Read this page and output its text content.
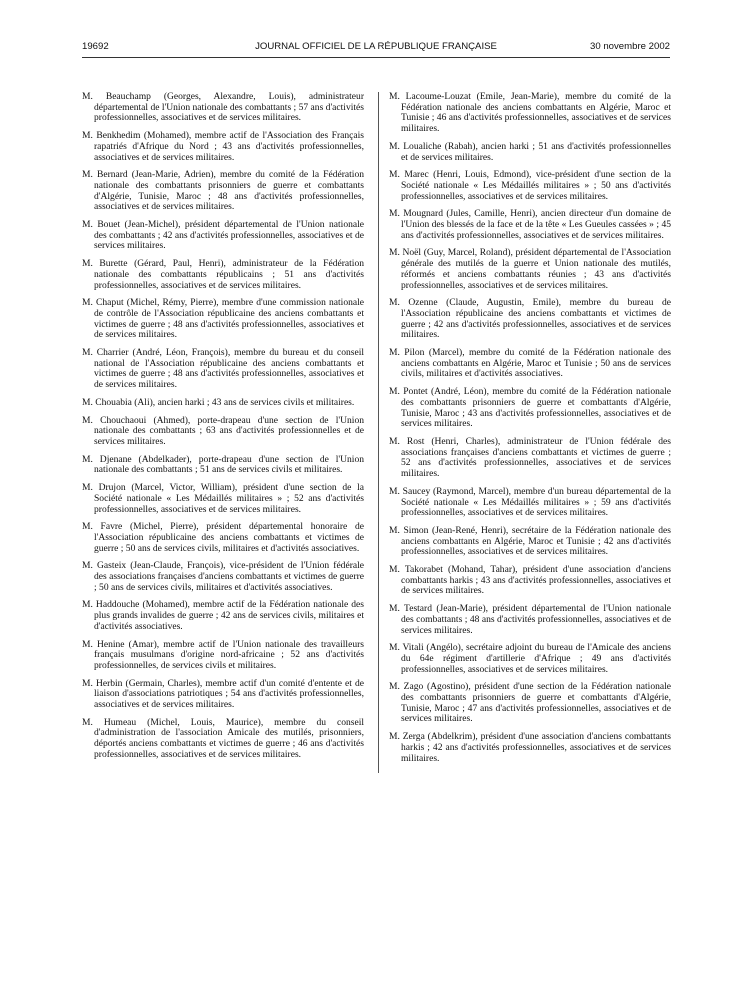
19692	JOURNAL OFFICIEL DE LA RÉPUBLIQUE FRANÇAISE	30 novembre 2002

M. Beauchamp (Georges, Alexandre, Louis), administrateur départemental de l'Union nationale des combattants ; 57 ans d'activités professionnelles, associatives et de services militaires.

M. Benkhedim (Mohamed), membre actif de l'Association des Français rapatriés d'Afrique du Nord ; 43 ans d'activités professionnelles, associatives et de services militaires.

M. Bernard (Jean-Marie, Adrien), membre du comité de la Fédération nationale des combattants prisonniers de guerre et combattants d'Algérie, Tunisie, Maroc ; 48 ans d'activités professionnelles, associatives et de services militaires.

M. Bouet (Jean-Michel), président départemental de l'Union nationale des combattants ; 42 ans d'activités professionnelles, associatives et de services militaires.

M. Burette (Gérard, Paul, Henri), administrateur de la Fédération nationale des combattants républicains ; 51 ans d'activités professionnelles, associatives et de services militaires.

M. Chaput (Michel, Rémy, Pierre), membre d'une commission nationale de contrôle de l'Association républicaine des anciens combattants et victimes de guerre ; 48 ans d'activités professionnelles, associatives et de services militaires.

M. Charrier (André, Léon, François), membre du bureau et du conseil national de l'Association républicaine des anciens combattants et victimes de guerre ; 48 ans d'activités professionnelles, associatives et de services militaires.

M. Chouabia (Ali), ancien harki ; 43 ans de services civils et militaires.

M. Chouchaoui (Ahmed), porte-drapeau d'une section de l'Union nationale des combattants ; 63 ans d'activités professionnelles et de services militaires.

M. Djenane (Abdelkader), porte-drapeau d'une section de l'Union nationale des combattants ; 51 ans de services civils et militaires.

M. Drujon (Marcel, Victor, William), président d'une section de la Société nationale « Les Médaillés militaires » ; 52 ans d'activités professionnelles, associatives et de services militaires.

M. Favre (Michel, Pierre), président départemental honoraire de l'Association républicaine des anciens combattants et victimes de guerre ; 50 ans de services civils, militaires et d'activités associatives.

M. Gasteix (Jean-Claude, François), vice-président de l'Union fédérale des associations françaises d'anciens combattants et victimes de guerre ; 50 ans de services civils, militaires et d'activités associatives.

M. Haddouche (Mohamed), membre actif de la Fédération nationale des plus grands invalides de guerre ; 42 ans de services civils, militaires et d'activités associatives.

M. Henine (Amar), membre actif de l'Union nationale des travailleurs français musulmans d'origine nord-africaine ; 52 ans d'activités professionnelles, de services civils et militaires.

M. Herbin (Germain, Charles), membre actif d'un comité d'entente et de liaison d'associations patriotiques ; 54 ans d'activités professionnelles, associatives et de services militaires.

M. Humeau (Michel, Louis, Maurice), membre du conseil d'administration de l'association Amicale des mutilés, prisonniers, déportés anciens combattants et victimes de guerre ; 46 ans d'activités professionnelles, associatives et de services militaires.

M. Lacoume-Louzat (Emile, Jean-Marie), membre du comité de la Fédération nationale des anciens combattants en Algérie, Maroc et Tunisie ; 46 ans d'activités professionnelles, associatives et de services militaires.

M. Loualiche (Rabah), ancien harki ; 51 ans d'activités professionnelles et de services militaires.

M. Marec (Henri, Louis, Edmond), vice-président d'une section de la Société nationale « Les Médaillés militaires » ; 50 ans d'activités professionnelles, associatives et de services militaires.

M. Mougnard (Jules, Camille, Henri), ancien directeur d'un domaine de l'Union des blessés de la face et de la tête « Les Gueules cassées » ; 45 ans d'activités professionnelles, associatives et de services militaires.

M. Noël (Guy, Marcel, Roland), président départemental de l'Association générale des mutilés de la guerre et Union nationale des mutilés, réformés et anciens combattants réunies ; 43 ans d'activités professionnelles, associatives et de services militaires.

M. Ozenne (Claude, Augustin, Emile), membre du bureau de l'Association républicaine des anciens combattants et victimes de guerre ; 42 ans d'activités professionnelles, associatives et de services militaires.

M. Pilon (Marcel), membre du comité de la Fédération nationale des anciens combattants en Algérie, Maroc et Tunisie ; 50 ans de services civils, militaires et d'activités associatives.

M. Pontet (André, Léon), membre du comité de la Fédération nationale des combattants prisonniers de guerre et combattants d'Algérie, Tunisie, Maroc ; 43 ans d'activités professionnelles, associatives et de services militaires.

M. Rost (Henri, Charles), administrateur de l'Union fédérale des associations françaises d'anciens combattants et victimes de guerre ; 52 ans d'activités professionnelles, associatives et de services militaires.

M. Saucey (Raymond, Marcel), membre d'un bureau départemental de la Société nationale « Les Médaillés militaires » ; 59 ans d'activités professionnelles, associatives et de services militaires.

M. Simon (Jean-René, Henri), secrétaire de la Fédération nationale des anciens combattants en Algérie, Maroc et Tunisie ; 42 ans d'activités professionnelles, associatives et de services militaires.

M. Takorabet (Mohand, Tahar), président d'une association d'anciens combattants harkis ; 43 ans d'activités professionnelles, associatives et de services militaires.

M. Testard (Jean-Marie), président départemental de l'Union nationale des combattants ; 48 ans d'activités professionnelles, associatives et de services militaires.

M. Vitali (Angélo), secrétaire adjoint du bureau de l'Amicale des anciens du 64e régiment d'artillerie d'Afrique ; 49 ans d'activités professionnelles, associatives et de services militaires.

M. Zago (Agostino), président d'une section de la Fédération nationale des combattants prisonniers de guerre et combattants d'Algérie, Tunisie, Maroc ; 47 ans d'activités professionnelles, associatives et de services militaires.

M. Zerga (Abdelkrim), président d'une association d'anciens combattants harkis ; 42 ans d'activités professionnelles, associatives et de services militaires.
